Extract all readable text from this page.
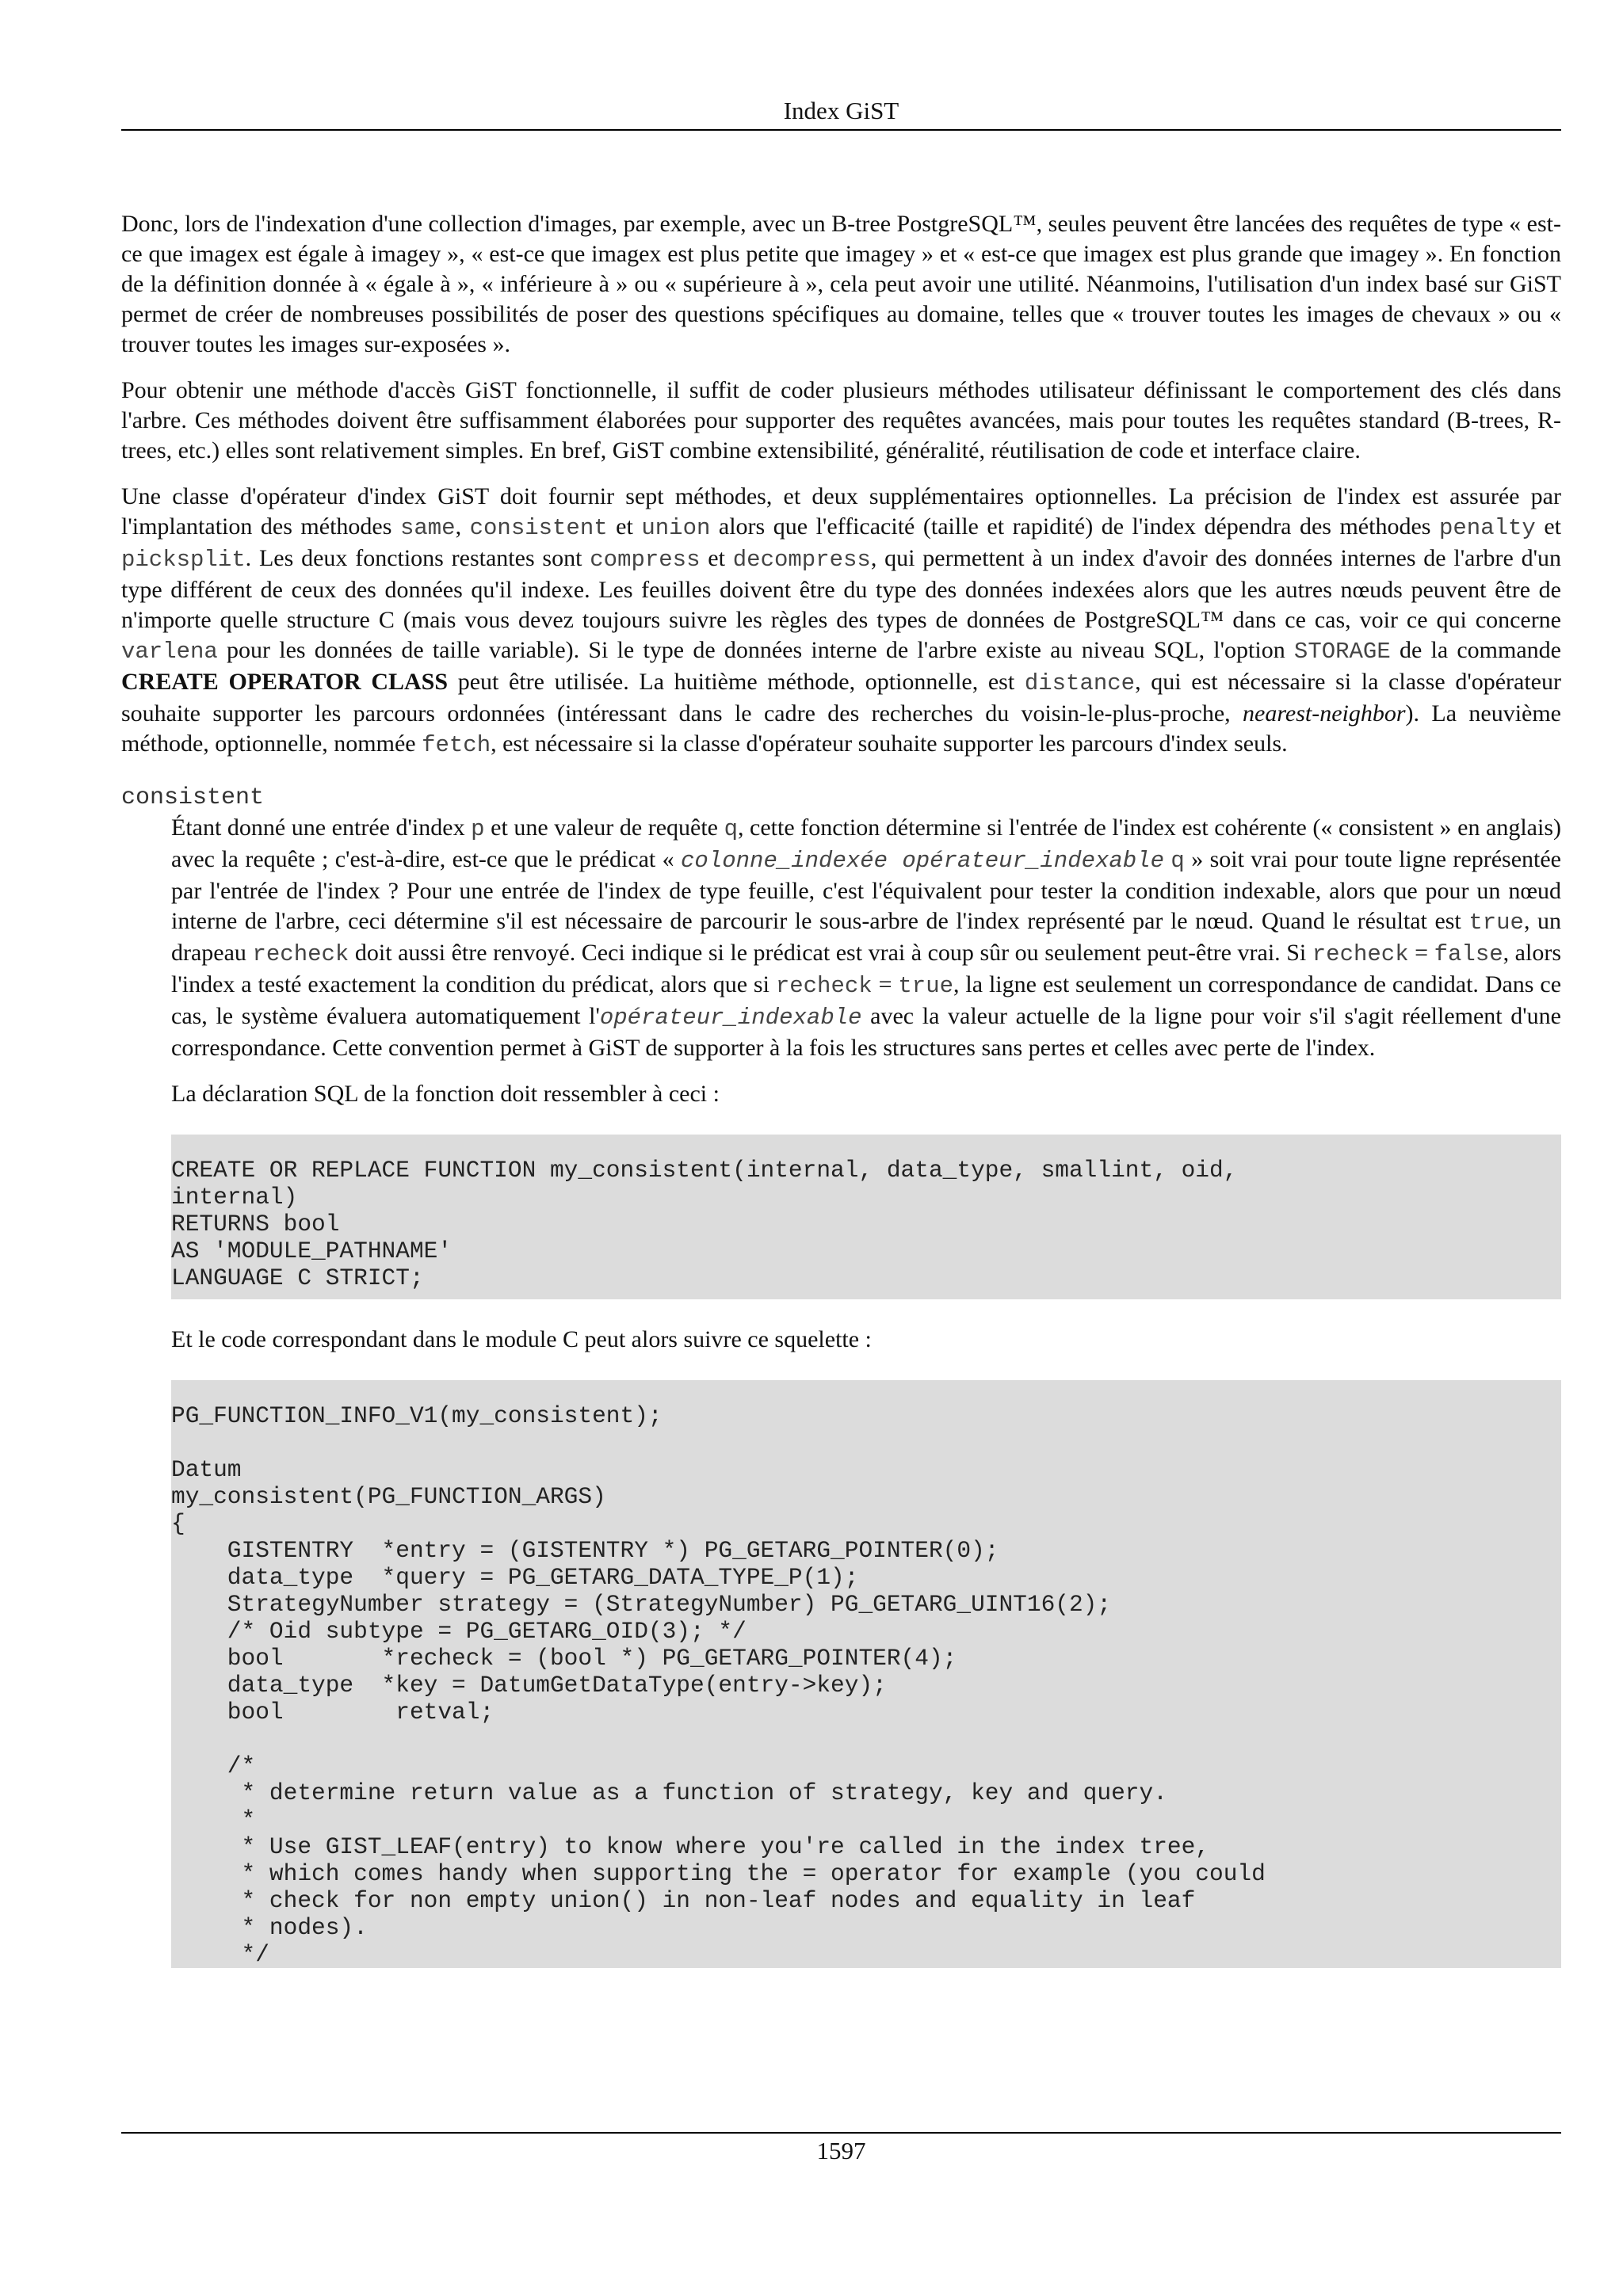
Index GiST

Donc, lors de l'indexation d'une collection d'images, par exemple, avec un B-tree PostgreSQL™, seules peuvent être lancées des requêtes de type « est-ce que imagex est égale à imagey », « est-ce que imagex est plus petite que imagey » et « est-ce que imagex est plus grande que imagey ». En fonction de la définition donnée à « égale à », « inférieure à » ou « supérieure à », cela peut avoir une utilité. Néanmoins, l'utilisation d'un index basé sur GiST permet de créer de nombreuses possibilités de poser des questions spécifiques au domaine, telles que « trouver toutes les images de chevaux » ou « trouver toutes les images sur-exposées ».

Pour obtenir une méthode d'accès GiST fonctionnelle, il suffit de coder plusieurs méthodes utilisateur définissant le comportement des clés dans l'arbre. Ces méthodes doivent être suffisamment élaborées pour supporter des requêtes avancées, mais pour toutes les requêtes standard (B-trees, R-trees, etc.) elles sont relativement simples. En bref, GiST combine extensibilité, généralité, réutilisation de code et interface claire.

Une classe d'opérateur d'index GiST doit fournir sept méthodes, et deux supplémentaires optionnelles. La précision de l'index est assurée par l'implantation des méthodes same, consistent et union alors que l'efficacité (taille et rapidité) de l'index dépendra des méthodes penalty et picksplit. Les deux fonctions restantes sont compress et decompress, qui permettent à un index d'avoir des données internes de l'arbre d'un type différent de ceux des données qu'il indexe. Les feuilles doivent être du type des données indexées alors que les autres nœuds peuvent être de n'importe quelle structure C (mais vous devez toujours suivre les règles des types de données de PostgreSQL™ dans ce cas, voir ce qui concerne varlena pour les données de taille variable). Si le type de données interne de l'arbre existe au niveau SQL, l'option STORAGE de la commande CREATE OPERATOR CLASS peut être utilisée. La huitième méthode, optionnelle, est distance, qui est nécessaire si la classe d'opérateur souhaite supporter les parcours ordonnées (intéressant dans le cadre des recherches du voisin-le-plus-proche, nearest-neighbor). La neuvième méthode, optionnelle, nommée fetch, est nécessaire si la classe d'opérateur souhaite supporter les parcours d'index seuls.

consistent

Étant donné une entrée d'index p et une valeur de requête q, cette fonction détermine si l'entrée de l'index est cohérente (« consistent » en anglais) avec la requête ; c'est-à-dire, est-ce que le prédicat « colonne_indexée opérateur_indexable q » soit vrai pour toute ligne représentée par l'entrée de l'index ? Pour une entrée de l'index de type feuille, c'est l'équivalent pour tester la condition indexable, alors que pour un nœud interne de l'arbre, ceci détermine s'il est nécessaire de parcourir le sous-arbre de l'index représenté par le nœud. Quand le résultat est true, un drapeau recheck doit aussi être renvoyé. Ceci indique si le prédicat est vrai à coup sûr ou seulement peut-être vrai. Si recheck = false, alors l'index a testé exactement la condition du prédicat, alors que si recheck = true, la ligne est seulement un correspondance de candidat. Dans ce cas, le système évaluera automatiquement l'opérateur_indexable avec la valeur actuelle de la ligne pour voir s'il s'agit réellement d'une correspondance. Cette convention permet à GiST de supporter à la fois les structures sans pertes et celles avec perte de l'index.

La déclaration SQL de la fonction doit ressembler à ceci :

CREATE OR REPLACE FUNCTION my_consistent(internal, data_type, smallint, oid,
internal)
RETURNS bool
AS 'MODULE_PATHNAME'
LANGUAGE C STRICT;

Et le code correspondant dans le module C peut alors suivre ce squelette :

PG_FUNCTION_INFO_V1(my_consistent);
Datum
my_consistent(PG_FUNCTION_ARGS)
{
GISTENTRY  *entry = (GISTENTRY *) PG_GETARG_POINTER(0);
data_type  *query = PG_GETARG_DATA_TYPE_P(1);
StrategyNumber strategy = (StrategyNumber) PG_GETARG_UINT16(2);
/* Oid subtype = PG_GETARG_OID(3); */
bool       *recheck = (bool *) PG_GETARG_POINTER(4);
data_type  *key = DatumGetDataType(entry->key);
bool        retval;
/*
* determine return value as a function of strategy, key and query.
*
* Use GIST_LEAF(entry) to know where you're called in the index tree,
* which comes handy when supporting the = operator for example (you could
* check for non empty union() in non-leaf nodes and equality in leaf
* nodes).
*/
1597
